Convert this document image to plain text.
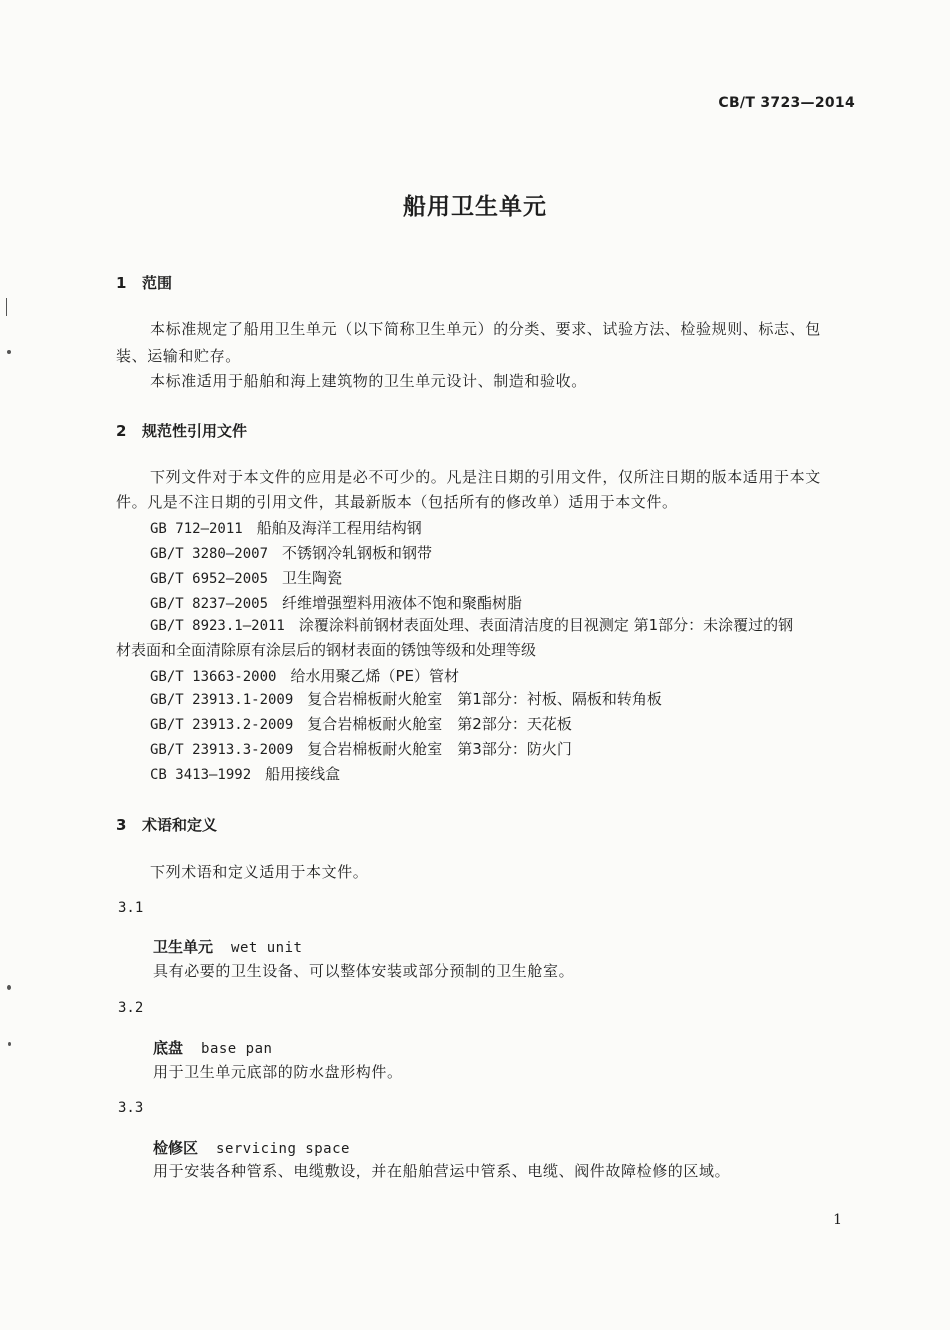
CB/T 3723—2014
船用卫生单元
1 范围
本标准规定了船用卫生单元（以下简称卫生单元）的分类、要求、试验方法、检验规则、标志、包
装、运输和贮存。
本标准适用于船舶和海上建筑物的卫生单元设计、制造和验收。
2 规范性引用文件
下列文件对于本文件的应用是必不可少的。凡是注日期的引用文件，仅所注日期的版本适用于本文
件。凡是不注日期的引用文件，其最新版本（包括所有的修改单）适用于本文件。
GB 712—2011 船舶及海洋工程用结构钢
GB/T 3280—2007 不锈钢冷轧钢板和钢带
GB/T 6952—2005 卫生陶瓷
GB/T 8237—2005 纤维增强塑料用液体不饱和聚酯树脂
GB/T 8923.1—2011 涂覆涂料前钢材表面处理、表面清洁度的目视测定 第1部分：未涂覆过的钢
材表面和全面清除原有涂层后的钢材表面的锈蚀等级和处理等级
GB/T 13663-2000 给水用聚乙烯（PE）管材
GB/T 23913.1-2009 复合岩棉板耐火舱室　第1部分：衬板、隔板和转角板
GB/T 23913.2-2009 复合岩棉板耐火舱室　第2部分：天花板
GB/T 23913.3-2009 复合岩棉板耐火舱室　第3部分：防火门
CB 3413—1992 船用接线盒
3 术语和定义
下列术语和定义适用于本文件。
3.1
卫生单元 wet unit
具有必要的卫生设备、可以整体安装或部分预制的卫生舱室。
3.2
底盘 base pan
用于卫生单元底部的防水盘形构件。
3.3
检修区 servicing space
用于安装各种管系、电缆敷设，并在船舶营运中管系、电缆、阀件故障检修的区域。
1
